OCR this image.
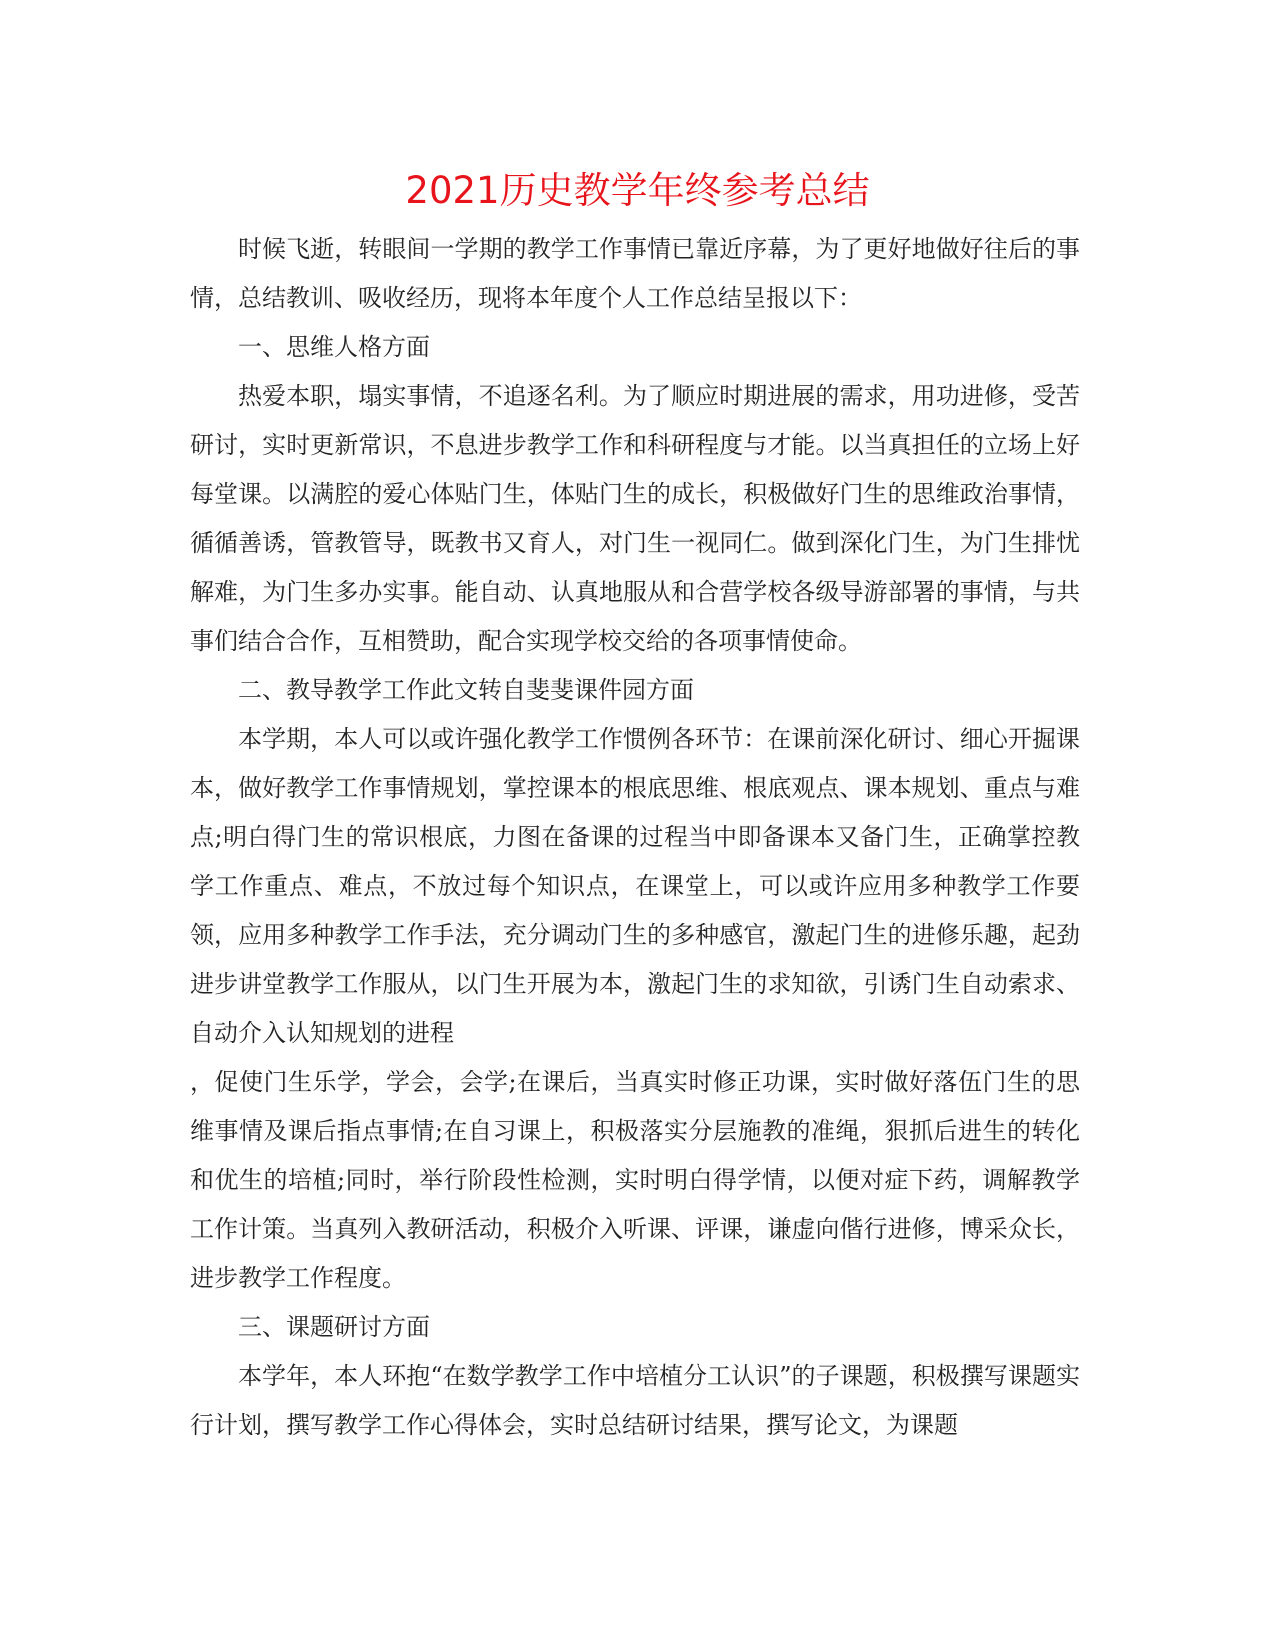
2021历史教学年终参考总结

时候飞逝，转眼间一学期的教学工作事情已靠近序幕，为了更好地做好往后的事情，总结教训、吸收经历，现将本年度个人工作总结呈报以下：

一、思维人格方面

热爱本职，塌实事情，不追逐名利。为了顺应时期进展的需求，用功进修，受苦研讨，实时更新常识，不息进步教学工作和科研程度与才能。以当真担任的立场上好每堂课。以满腔的爱心体贴门生，体贴门生的成长，积极做好门生的思维政治事情，循循善诱，管教管导，既教书又育人，对门生一视同仁。做到深化门生，为门生排忧解难，为门生多办实事。能自动、认真地服从和合营学校各级导游部署的事情，与共事们结合合作，互相赞助，配合实现学校交给的各项事情使命。

二、教导教学工作此文转自斐斐课件园方面

本学期，本人可以或许强化教学工作惯例各环节：在课前深化研讨、细心开掘课本，做好教学工作事情规划，掌控课本的根底思维、根底观点、课本规划、重点与难点;明白得门生的常识根底，力图在备课的过程当中即备课本又备门生，正确掌控教学工作重点、难点，不放过每个知识点，在课堂上，可以或许应用多种教学工作要领，应用多种教学工作手法，充分调动门生的多种感官，激起门生的进修乐趣，起劲进步讲堂教学工作服从，以门生开展为本，激起门生的求知欲，引诱门生自动索求、自动介入认知规划的进程

，促使门生乐学，学会，会学;在课后，当真实时修正功课，实时做好落伍门生的思维事情及课后指点事情;在自习课上，积极落实分层施教的准绳，狠抓后进生的转化和优生的培植;同时，举行阶段性检测，实时明白得学情，以便对症下药，调解教学工作计策。当真列入教研活动，积极介入听课、评课，谦虚向偕行进修，博采众长，进步教学工作程度。

三、课题研讨方面

本学年，本人环抱“在数学教学工作中培植分工认识”的子课题，积极撰写课题实行计划，撰写教学工作心得体会，实时总结研讨结果，撰写论文，为课题
